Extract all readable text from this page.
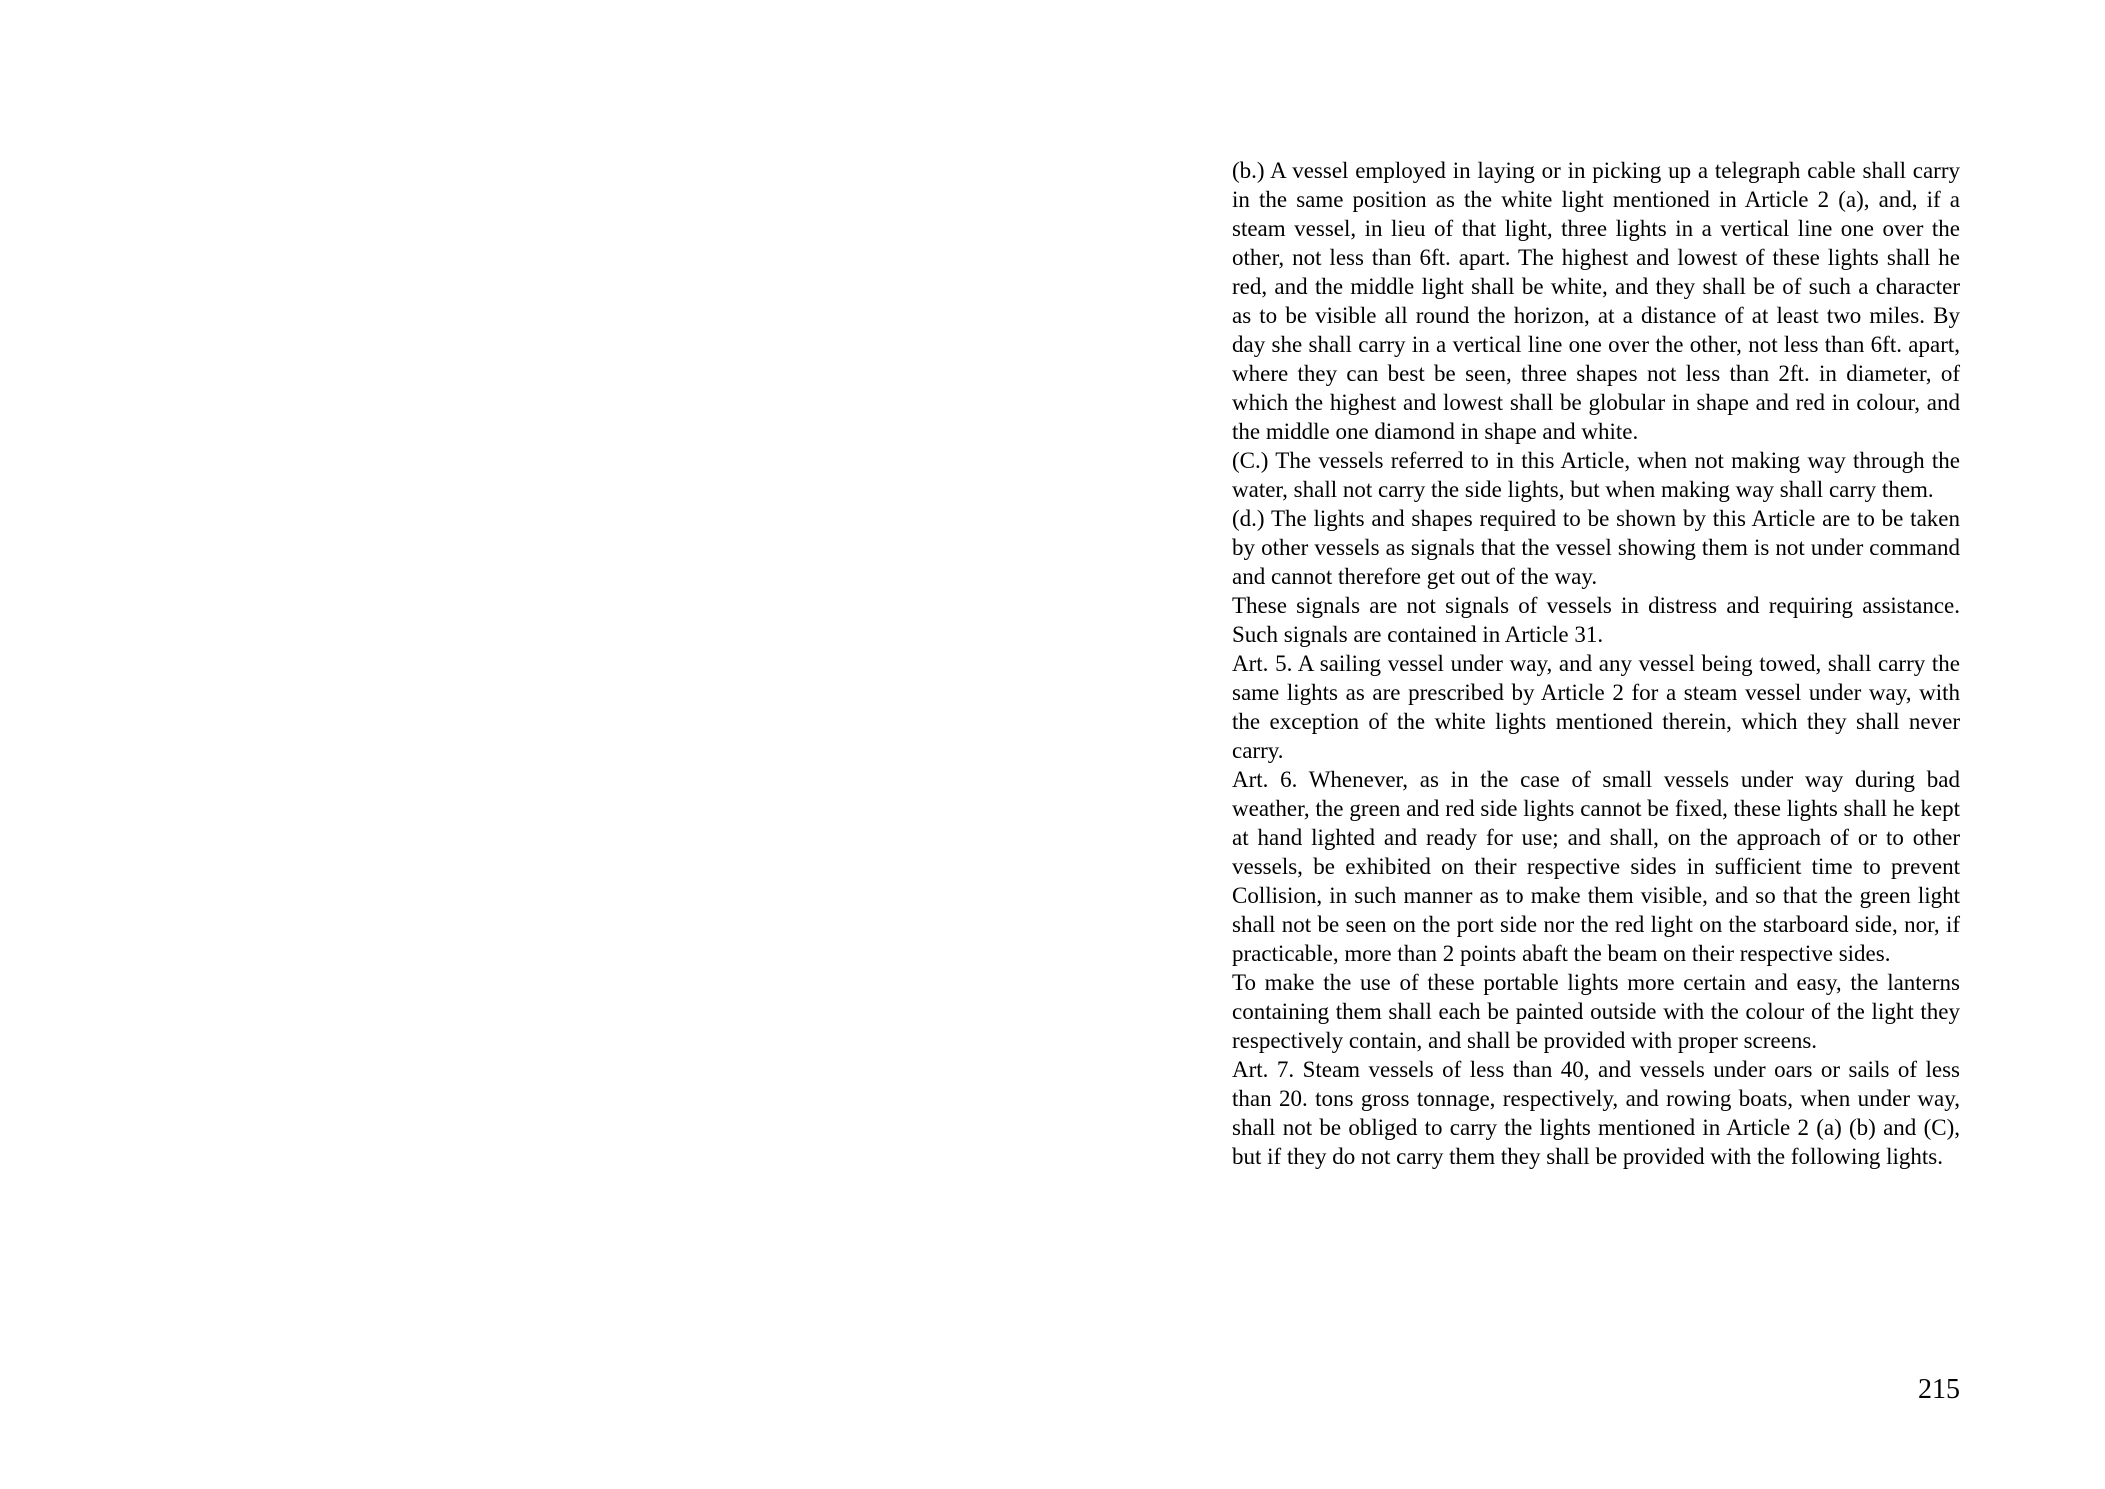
(b.) A vessel employed in laying or in picking up a telegraph cable shall carry in the same position as the white light mentioned in Article 2 (a), and, if a steam vessel, in lieu of that light, three lights in a vertical line one over the other, not less than 6ft. apart. The highest and lowest of these lights shall he red, and the middle light shall be white, and they shall be of such a character as to be visible all round the horizon, at a distance of at least two miles. By day she shall carry in a vertical line one over the other, not less than 6ft. apart, where they can best be seen, three shapes not less than 2ft. in diameter, of which the highest and lowest shall be globular in shape and red in colour, and the middle one diamond in shape and white.

(C.) The vessels referred to in this Article, when not making way through the water, shall not carry the side lights, but when making way shall carry them.

(d.) The lights and shapes required to be shown by this Article are to be taken by other vessels as signals that the vessel showing them is not under command and cannot therefore get out of the way.

These signals are not signals of vessels in distress and requiring assistance. Such signals are contained in Article 31.

Art. 5. A sailing vessel under way, and any vessel being towed, shall carry the same lights as are prescribed by Article 2 for a steam vessel under way, with the exception of the white lights mentioned therein, which they shall never carry.

Art. 6. Whenever, as in the case of small vessels under way during bad weather, the green and red side lights cannot be fixed, these lights shall he kept at hand lighted and ready for use; and shall, on the approach of or to other vessels, be exhibited on their respective sides in sufficient time to prevent Collision, in such manner as to make them visible, and so that the green light shall not be seen on the port side nor the red light on the starboard side, nor, if practicable, more than 2 points abaft the beam on their respective sides.

To make the use of these portable lights more certain and easy, the lanterns containing them shall each be painted outside with the colour of the light they respectively contain, and shall be provided with proper screens.

Art. 7. Steam vessels of less than 40, and vessels under oars or sails of less than 20. tons gross tonnage, respectively, and rowing boats, when under way, shall not be obliged to carry the lights mentioned in Article 2 (a) (b) and (C), but if they do not carry them they shall be provided with the following lights.

215
